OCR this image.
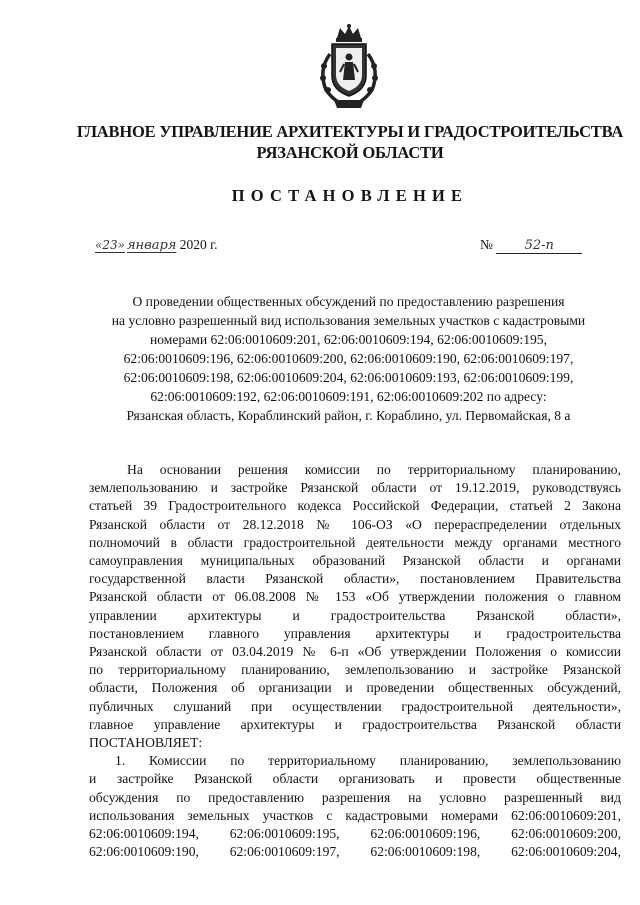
ГЛАВНОЕ УПРАВЛЕНИЕ АРХИТЕКТУРЫ И ГРАДОСТРОИТЕЛЬСТВА
РЯЗАНСКОЙ ОБЛАСТИ
ПОСТАНОВЛЕНИЕ
«23» января 2020 г.	№ 52-п
О проведении общественных обсуждений по предоставлению разрешения
на условно разрешенный вид использования земельных участков с кадастровыми
номерами 62:06:0010609:201, 62:06:0010609:194, 62:06:0010609:195,
62:06:0010609:196, 62:06:0010609:200, 62:06:0010609:190, 62:06:0010609:197,
62:06:0010609:198, 62:06:0010609:204, 62:06:0010609:193, 62:06:0010609:199,
62:06:0010609:192, 62:06:0010609:191, 62:06:0010609:202 по адресу:
Рязанская область, Кораблинский район, г. Кораблино, ул. Первомайская, 8 а
На основании решения комиссии по территориальному планированию,
землепользованию и застройке Рязанской области от 19.12.2019, руководствуясь
статьей 39 Градостроительного кодекса Российской Федерации, статьей 2 Закона
Рязанской области от 28.12.2018 № 106-ОЗ «О перераспределении отдельных
полномочий в области градостроительной деятельности между органами местного
самоуправления муниципальных образований Рязанской области и органами
государственной власти Рязанской области», постановлением Правительства
Рязанской области от 06.08.2008 № 153 «Об утверждении положения о главном
управлении архитектуры и градостроительства Рязанской области»,
постановлением главного управления архитектуры и градостроительства
Рязанской области от 03.04.2019 № 6-п «Об утверждении Положения о комиссии
по территориальному планированию, землепользованию и застройке Рязанской
области, Положения об организации и проведении общественных обсуждений,
публичных слушаний при осуществлении градостроительной деятельности»,
главное управление архитектуры и градостроительства Рязанской области
ПОСТАНОВЛЯЕТ:
1. Комиссии по территориальному планированию, землепользованию
и застройке Рязанской области организовать и провести общественные
обсуждения по предоставлению разрешения на условно разрешенный вид
использования земельных участков с кадастровыми номерами 62:06:0010609:201,
62:06:0010609:194, 62:06:0010609:195, 62:06:0010609:196, 62:06:0010609:200,
62:06:0010609:190, 62:06:0010609:197, 62:06:0010609:198, 62:06:0010609:204,
